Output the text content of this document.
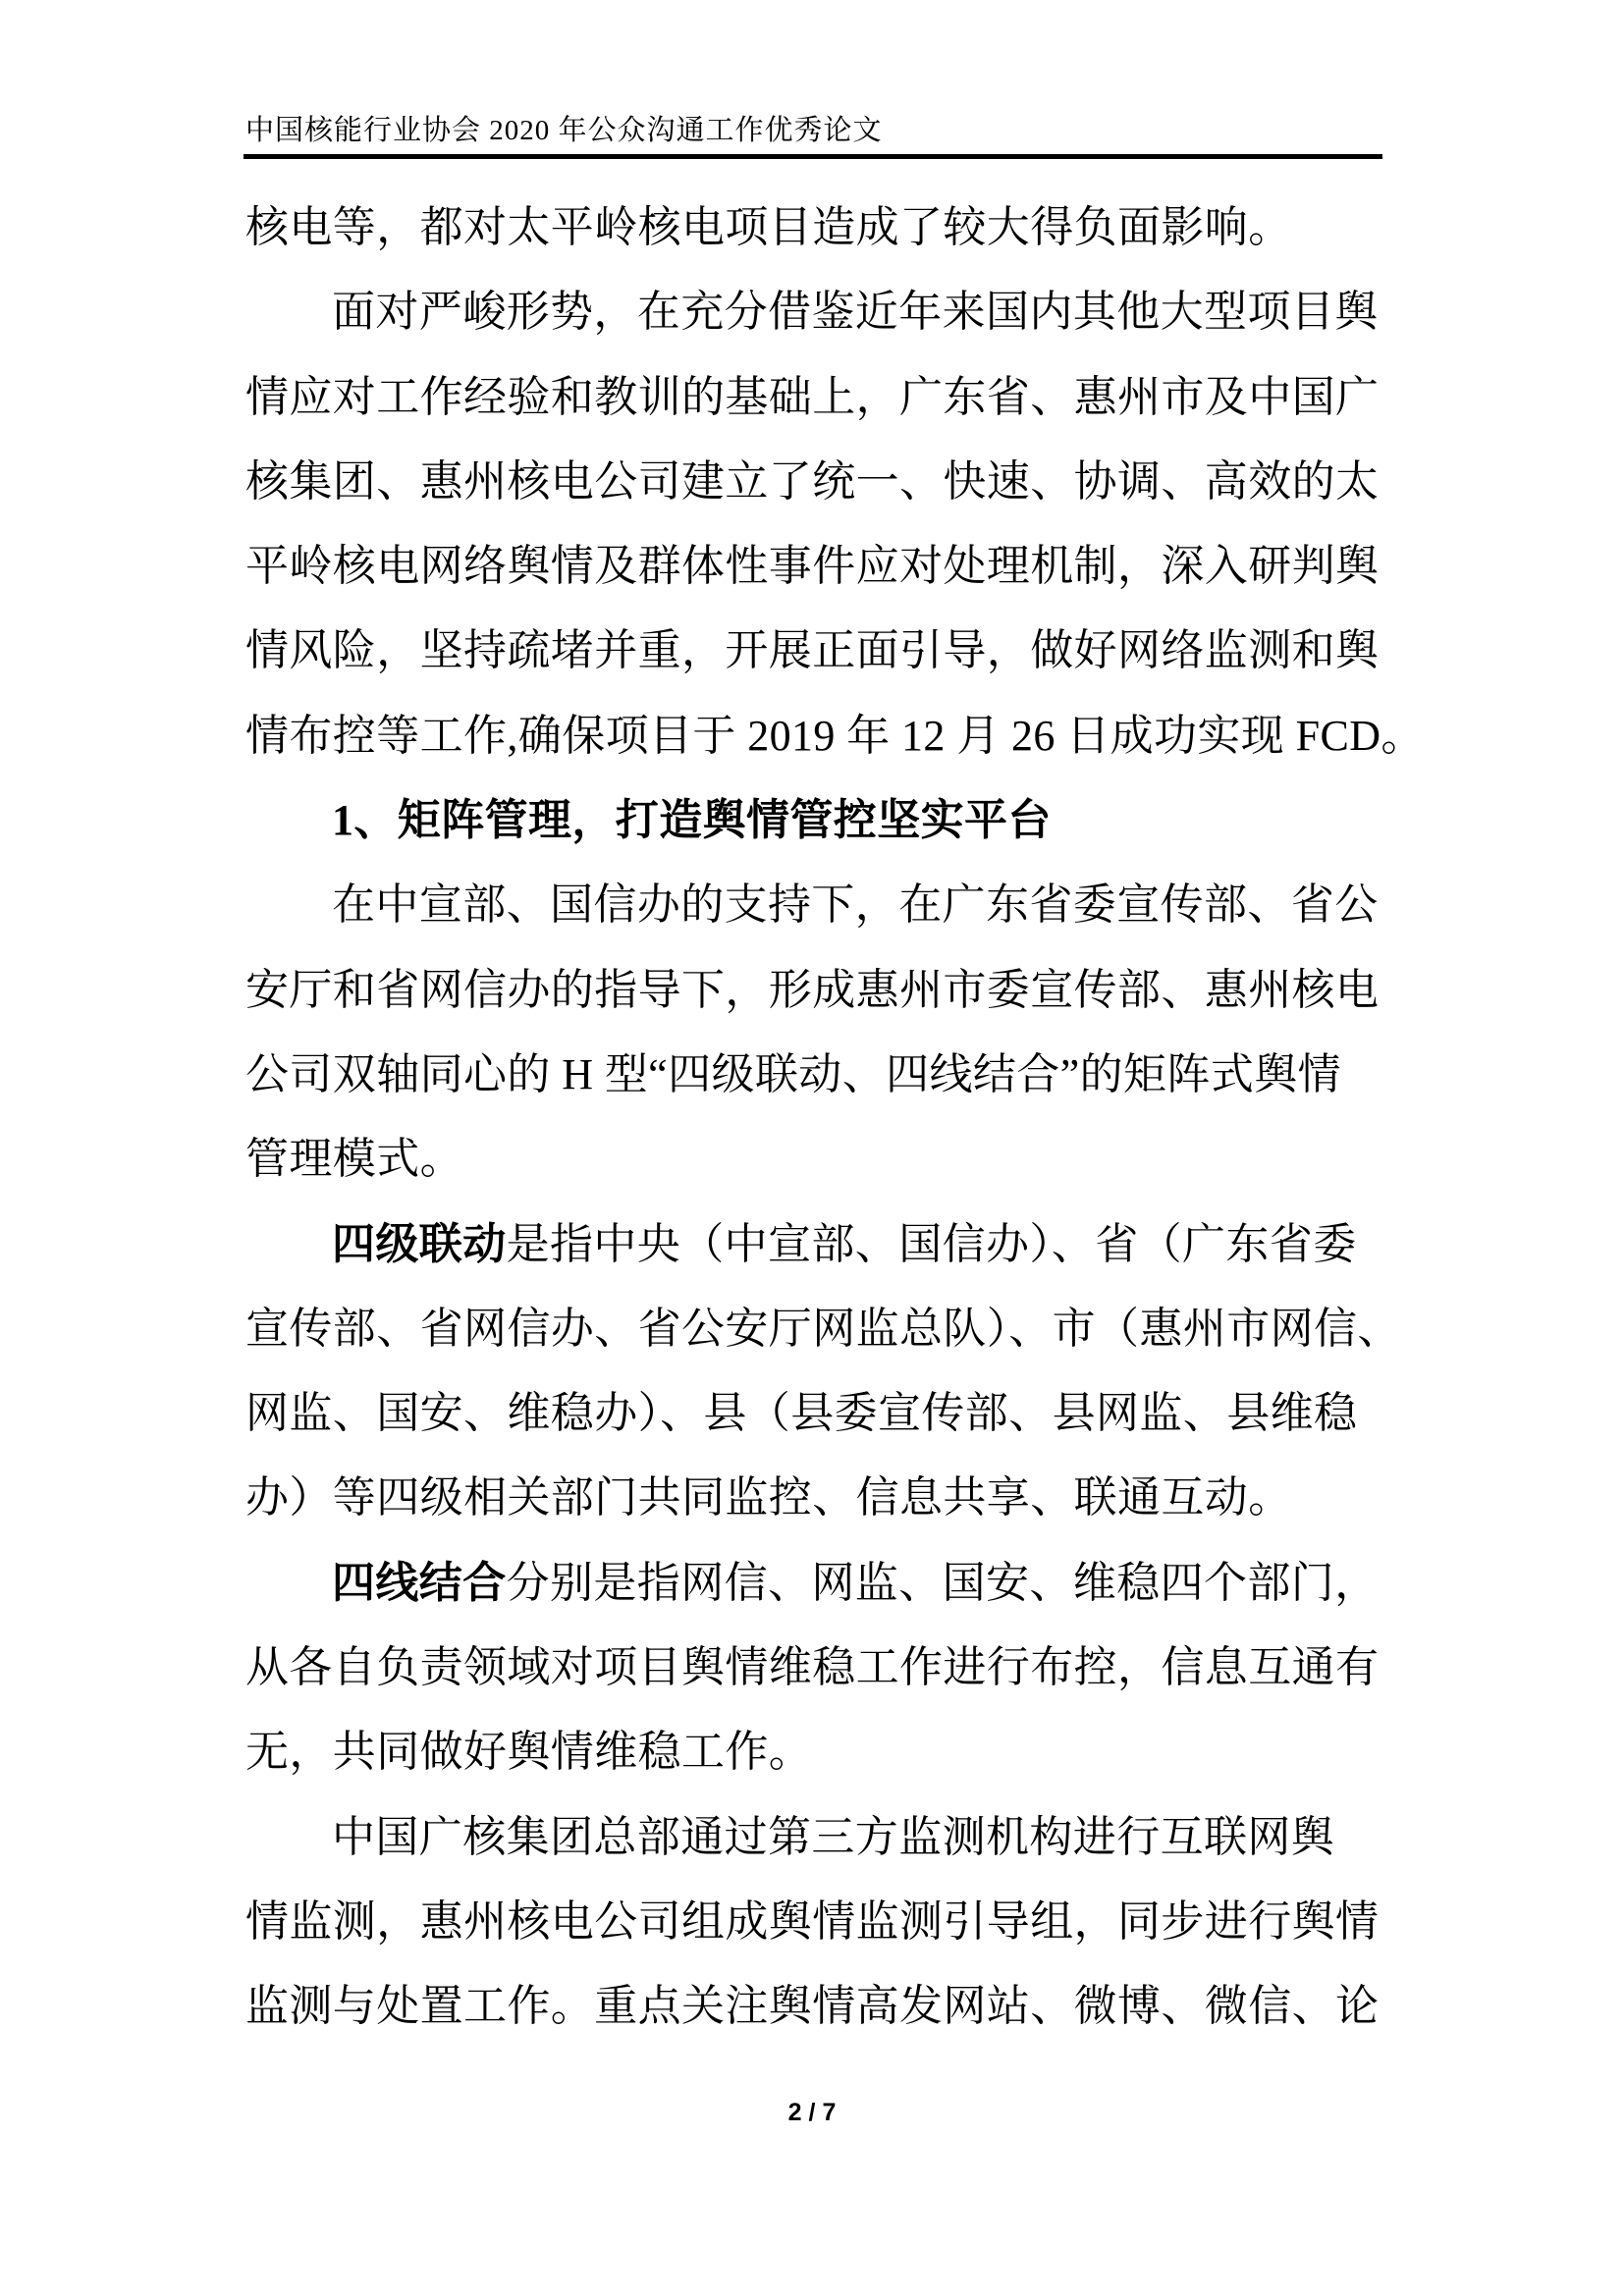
中国核能行业协会 2020 年公众沟通工作优秀论文
核电等，都对太平岭核电项目造成了较大得负面影响。
面对严峻形势，在充分借鉴近年来国内其他大型项目舆
情应对工作经验和教训的基础上，广东省、惠州市及中国广
核集团、惠州核电公司建立了统一、快速、协调、高效的太
平岭核电网络舆情及群体性事件应对处理机制，深入研判舆
情风险，坚持疏堵并重，开展正面引导，做好网络监测和舆
情布控等工作,确保项目于 2019 年 12 月 26 日成功实现 FCD。
1、矩阵管理，打造舆情管控坚实平台
在中宣部、国信办的支持下，在广东省委宣传部、省公
安厅和省网信办的指导下，形成惠州市委宣传部、惠州核电
公司双轴同心的 H 型“四级联动、四线结合”的矩阵式舆情
管理模式。
四级联动是指中央（中宣部、国信办）、省（广东省委
宣传部、省网信办、省公安厅网监总队）、市（惠州市网信、
网监、国安、维稳办）、县（县委宣传部、县网监、县维稳
办）等四级相关部门共同监控、信息共享、联通互动。
四线结合分别是指网信、网监、国安、维稳四个部门，
从各自负责领域对项目舆情维稳工作进行布控，信息互通有
无，共同做好舆情维稳工作。
中国广核集团总部通过第三方监测机构进行互联网舆
情监测，惠州核电公司组成舆情监测引导组，同步进行舆情
监测与处置工作。重点关注舆情高发网站、微博、微信、论
2 / 7
